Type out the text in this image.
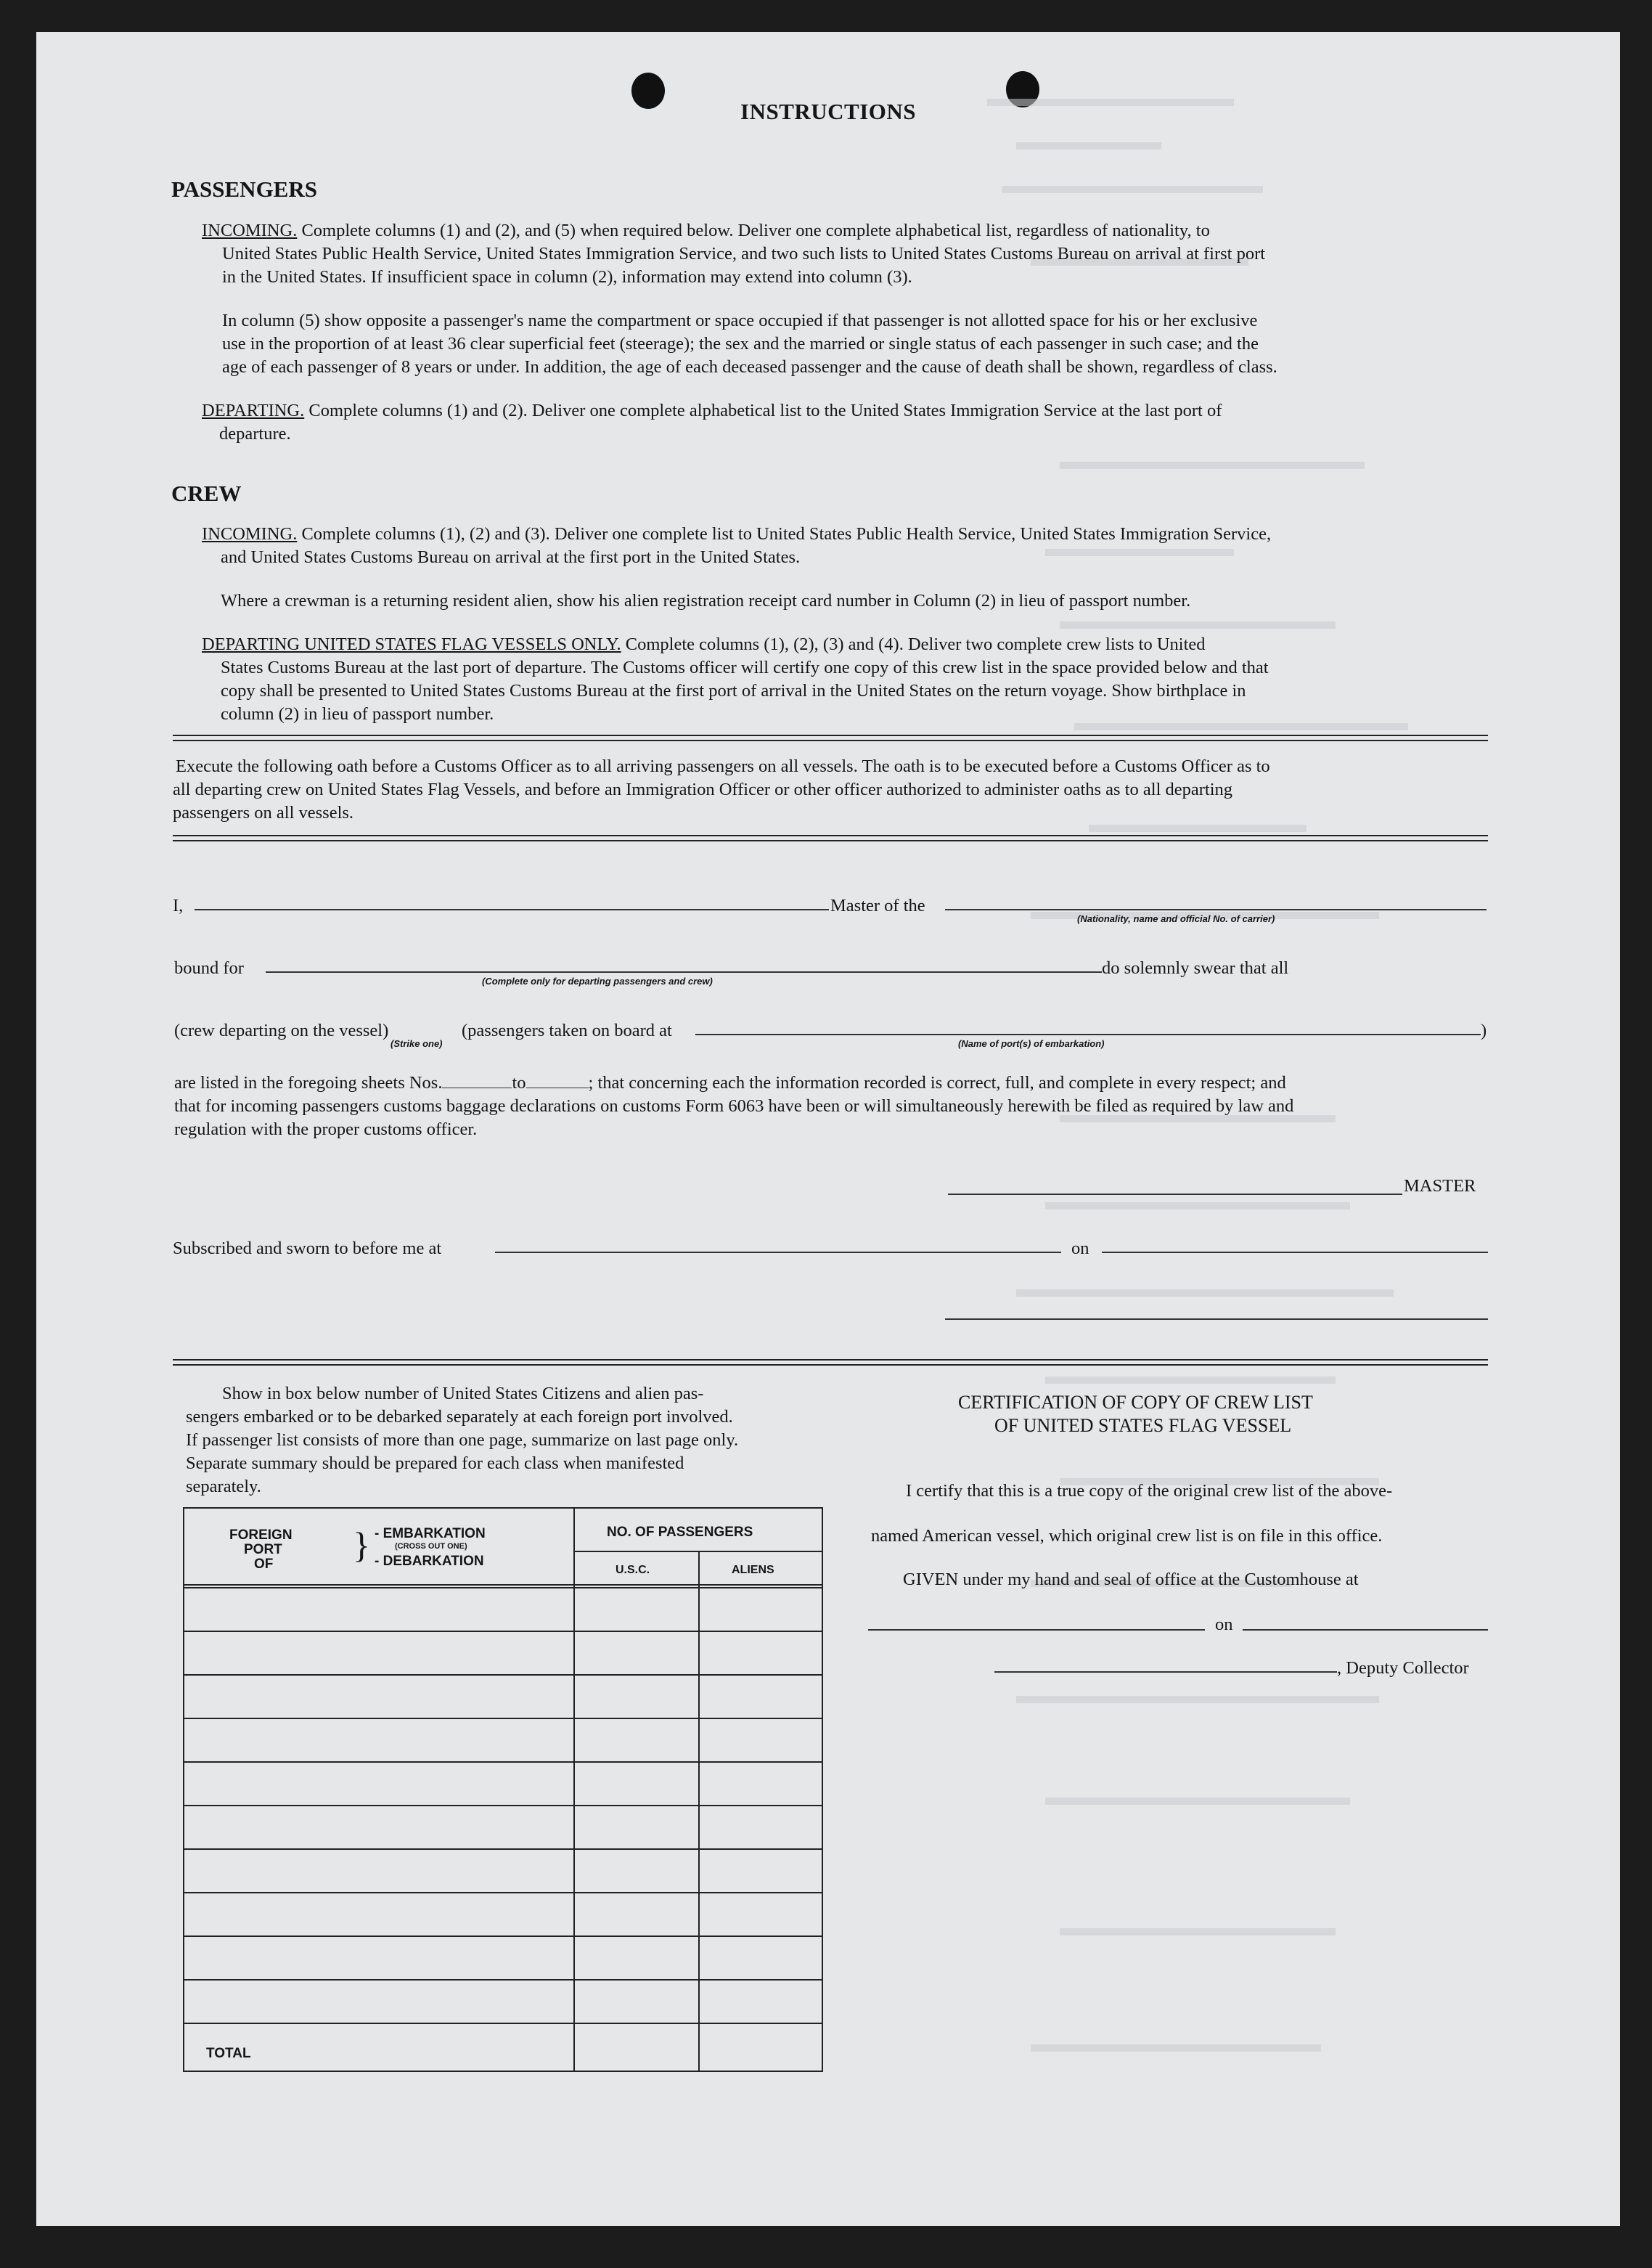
INSTRUCTIONS
PASSENGERS
INCOMING. Complete columns (1) and (2), and (5) when required below. Deliver one complete alphabetical list, regardless of nationality, to
United States Public Health Service, United States Immigration Service, and two such lists to United States Customs Bureau on arrival at first port
in the United States. If insufficient space in column (2), information may extend into column (3).
In column (5) show opposite a passenger's name the compartment or space occupied if that passenger is not allotted space for his or her exclusive
use in the proportion of at least 36 clear superficial feet (steerage); the sex and the married or single status of each passenger in such case; and the
age of each passenger of 8 years or under. In addition, the age of each deceased passenger and the cause of death shall be shown, regardless of class.
DEPARTING. Complete columns (1) and (2). Deliver one complete alphabetical list to the United States Immigration Service at the last port of
departure.
CREW
INCOMING. Complete columns (1), (2) and (3). Deliver one complete list to United States Public Health Service, United States Immigration Service,
and United States Customs Bureau on arrival at the first port in the United States.
Where a crewman is a returning resident alien, show his alien registration receipt card number in Column (2) in lieu of passport number.
DEPARTING UNITED STATES FLAG VESSELS ONLY. Complete columns (1), (2), (3) and (4). Deliver two complete crew lists to United
States Customs Bureau at the last port of departure. The Customs officer will certify one copy of this crew list in the space provided below and that
copy shall be presented to United States Customs Bureau at the first port of arrival in the United States on the return voyage. Show birthplace in
column (2) in lieu of passport number.
Execute the following oath before a Customs Officer as to all arriving passengers on all vessels. The oath is to be executed before a Customs Officer as to
all departing crew on United States Flag Vessels, and before an Immigration Officer or other officer authorized to administer oaths as to all departing
passengers on all vessels.
I,	Master of the
(Nationality, name and official No. of carrier)
bound for	do solemnly swear that all
(Complete only for departing passengers and crew)
(crew departing on the vessel)
(Strike one)
(passengers taken on board at	)
(Name of port(s) of embarkation)
are listed in the foregoing sheets Nos.	to	; that concerning each the information recorded is correct, full, and complete in every respect; and
that for incoming passengers customs baggage declarations on customs Form 6063 have been or will simultaneously herewith be filed as required by law and
regulation with the proper customs officer.
MASTER
Subscribed and sworn to before me at	on
Show in box below number of United States Citizens and alien pas-
sengers embarked or to be debarked separately at each foreign port involved.
If passenger list consists of more than one page, summarize on last page only.
Separate summary should be prepared for each class when manifested
separately.
FOREIGN
PORT
OF } - EMBARKATION
(CROSS OUT ONE)
- DEBARKATION
NO. OF PASSENGERS
U.S.C.	ALIENS
TOTAL
CERTIFICATION OF COPY OF CREW LIST
OF UNITED STATES FLAG VESSEL
I certify that this is a true copy of the original crew list of the above-
named American vessel, which original crew list is on file in this office.
GIVEN under my hand and seal of office at the Customhouse at
on
, Deputy Collector
